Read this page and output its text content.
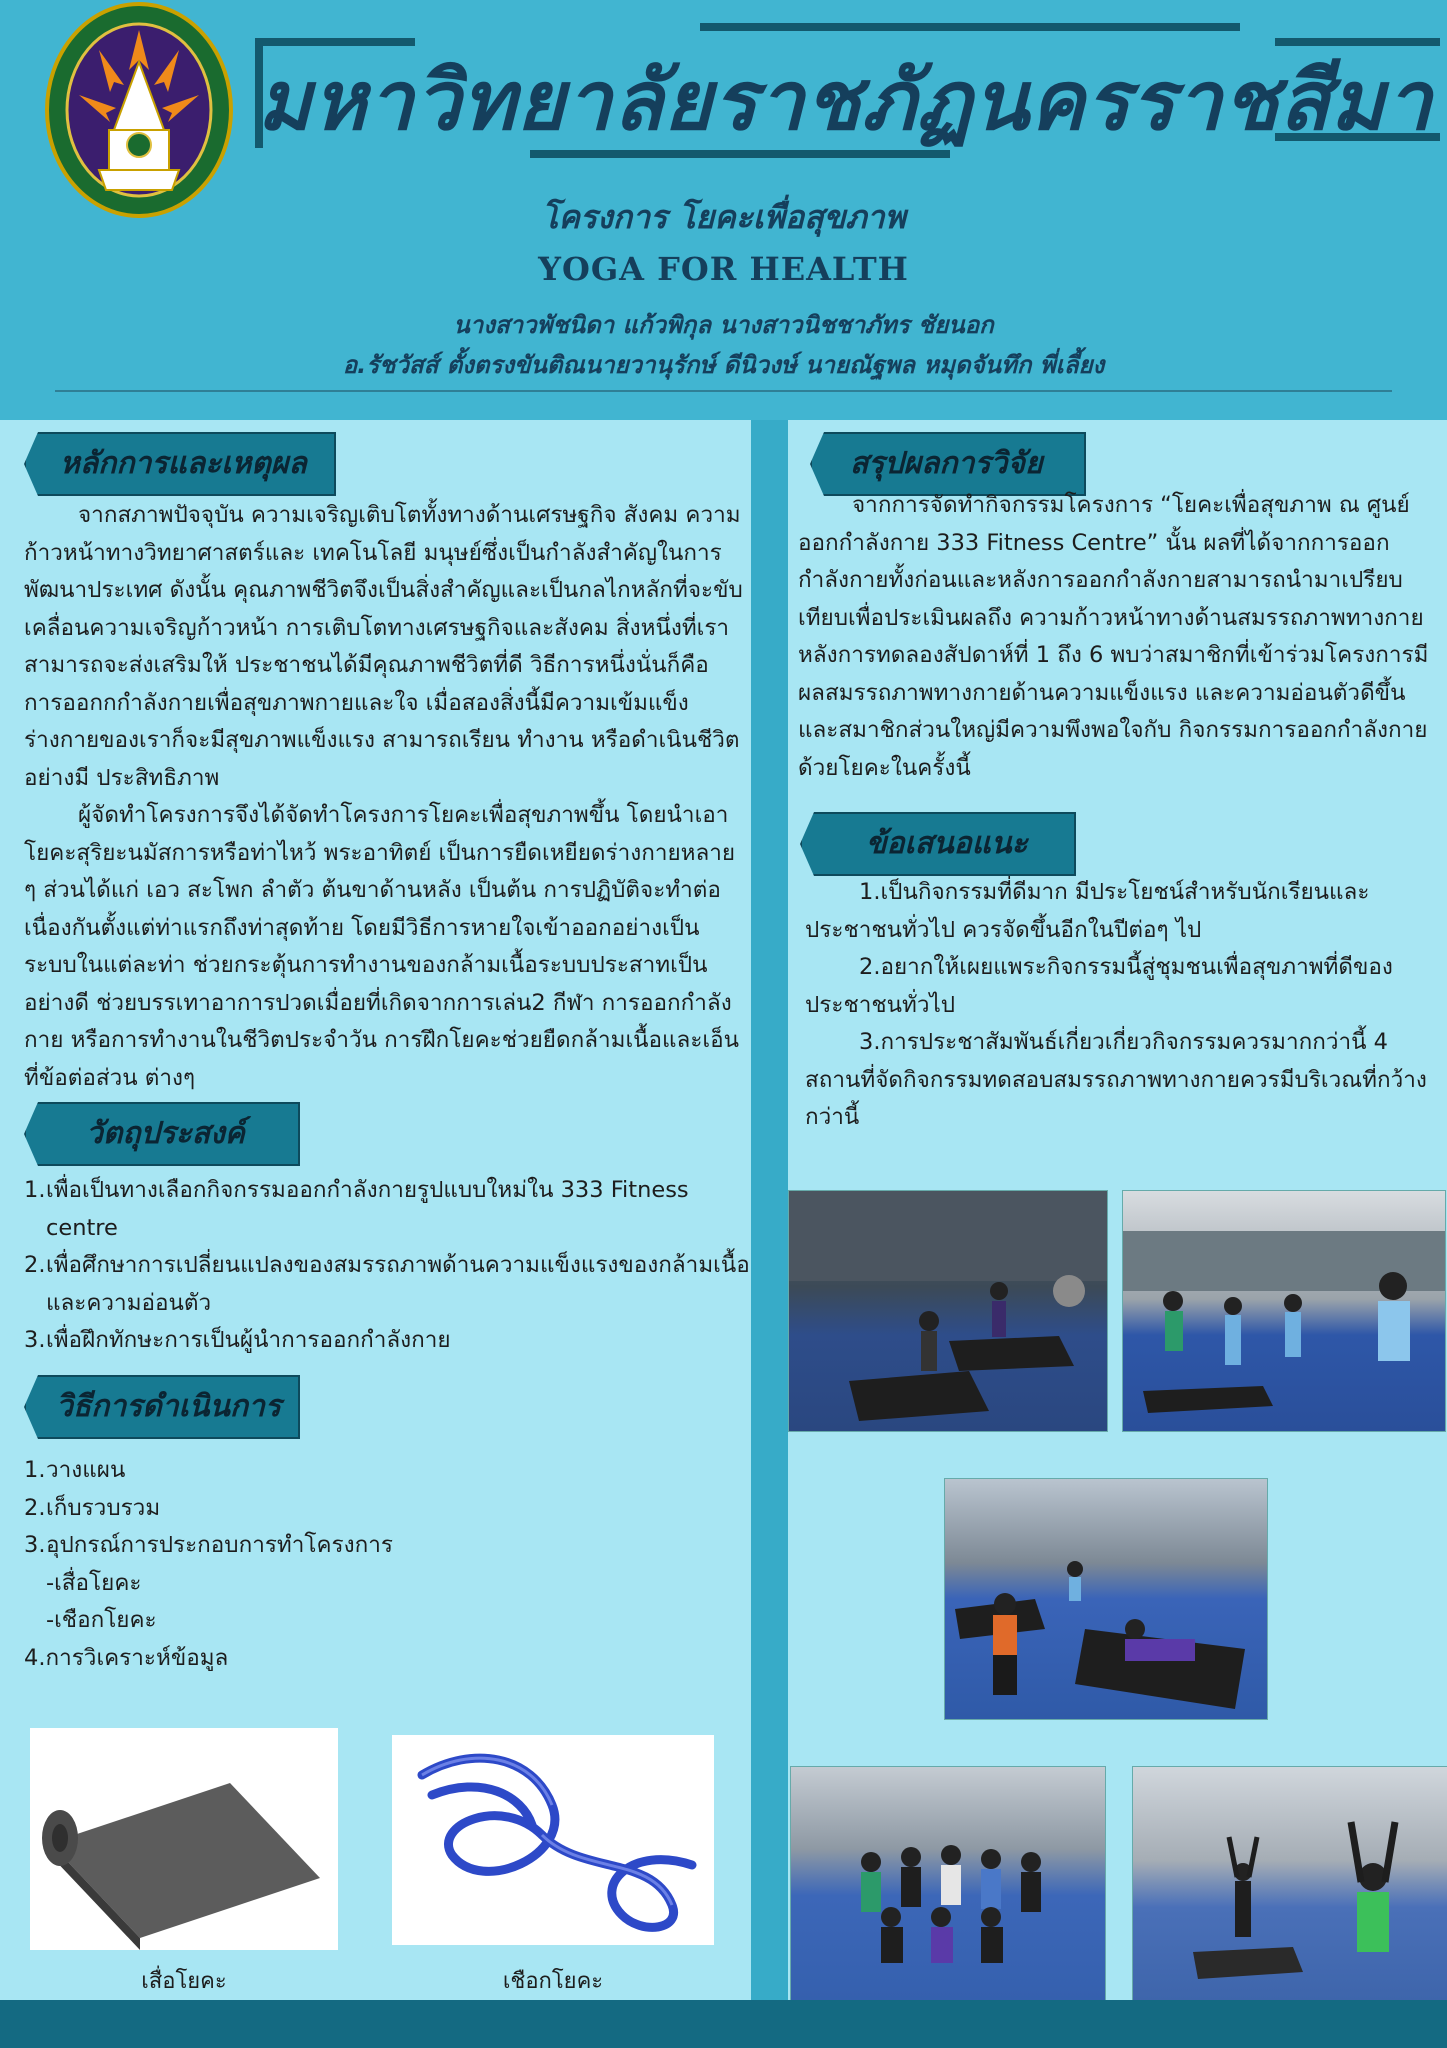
มหาวิทยาลัยราชภัฏนครราชสีมา
โครงการ โยคะเพื่อสุขภาพ
YOGA FOR HEALTH
นางสาวพัชนิดา แก้วพิกุล นางสาวนิชชาภัทร ชัยนอก
อ.รัชวัสส์ ตั้งตรงขันติณนายวานุรักษ์ ดีนิวงษ์ นายณัฐพล หมุดจันทึก พี่เลี้ยง
หลักการและเหตุผล

จากสภาพปัจจุบัน ความเจริญเติบโตทั้งทางด้านเศรษฐกิจ สังคม ความก้าวหน้าทางวิทยาศาสตร์และ เทคโนโลยี มนุษย์ซึ่งเป็นกำลังสำคัญในการพัฒนาประเทศ ดังนั้น คุณภาพชีวิตจึงเป็นสิ่งสำคัญและเป็นกลไกหลักที่จะขับเคลื่อนความเจริญก้าวหน้า การเติบโตทางเศรษฐกิจและสังคม สิ่งหนึ่งที่เราสามารถจะส่งเสริมให้ ประชาชนได้มีคุณภาพชีวิตที่ดี วิธีการหนึ่งนั่นก็คือ การออกกกำลังกายเพื่อสุขภาพกายและใจ เมื่อสองสิ่งนี้มีความเข้มแข็ง ร่างกายของเราก็จะมีสุขภาพแข็งแรง สามารถเรียน ทำงาน หรือดำเนินชีวิต อย่างมี ประสิทธิภาพ

ผู้จัดทำโครงการจึงได้จัดทำโครงการโยคะเพื่อสุขภาพขึ้น โดยนำเอาโยคะสุริยะนมัสการหรือท่าไหว้ พระอาทิตย์ เป็นการยืดเหยียดร่างกายหลาย ๆ ส่วนได้แก่ เอว สะโพก ลำตัว ต้นขาด้านหลัง เป็นต้น การปฏิบัติจะทำต่อเนื่องกันตั้งแต่ท่าแรกถึงท่าสุดท้าย โดยมีวิธีการหายใจเข้าออกอย่างเป็นระบบในแต่ละท่า ช่วยกระตุ้นการทำงานของกล้ามเนื้อระบบประสาทเป็นอย่างดี ช่วยบรรเทาอาการปวดเมื่อยที่เกิดจากการเล่น2 กีฬา การออกกำลังกาย หรือการทำงานในชีวิตประจำวัน การฝึกโยคะช่วยยืดกล้ามเนื้อและเอ็นที่ข้อต่อส่วน ต่างๆ

วัตถุประสงค์
1. เพื่อเป็นทางเลือกกิจกรรมออกกำลังกายรูปแบบใหม่ใน 333 Fitness centre
2. เพื่อศึกษาการเปลี่ยนแปลงของสมรรถภาพด้านความแข็งแรงของกล้ามเนื้อ และความอ่อนตัว
3. เพื่อฝึกทักษะการเป็นผู้นำการออกกำลังกาย
วิธีการดำเนินการ
1. วางแผน
2. เก็บรวบรวม
3. อุปกรณ์การประกอบการทำโครงการ
-เสื่อโยคะ
-เชือกโยคะ
4.การวิเคราะห์ข้อมูล
เสื่อโยคะ	เชือกโยคะ
สรุปผลการวิจัย

จากการจัดทำกิจกรรมโครงการ “โยคะเพื่อสุขภาพ ณ ศูนย์ออกกำลังกาย 333 Fitness Centre” นั้น ผลที่ได้จากการออกกำลังกายทั้งก่อนและหลังการออกกำลังกายสามารถนำมาเปรียบเทียบเพื่อประเมินผลถึง ความก้าวหน้าทางด้านสมรรถภาพทางกาย หลังการทดลองสัปดาห์ที่ 1 ถึง 6 พบว่าสมาชิกที่เข้าร่วมโครงการมี ผลสมรรถภาพทางกายด้านความแข็งแรง และความอ่อนตัวดีขึ้น และสมาชิกส่วนใหญ่มีความพึงพอใจกับ กิจกรรมการออกกำลังกายด้วยโยคะในครั้งนี้

ข้อเสนอแนะ

1.เป็นกิจกรรมที่ดีมาก มีประโยชน์สำหรับนักเรียนและประชาชนทั่วไป ควรจัดขึ้นอีกในปีต่อๆ ไป

2.อยากให้เผยแพระกิจกรรมนี้สู่ชุมชนเพื่อสุขภาพที่ดีของประชาชนทั่วไป

3.การประชาสัมพันธ์เกี่ยวเกี่ยวกิจกรรมควรมากกว่านี้ 4 สถานที่จัดกิจกรรมทดสอบสมรรถภาพทางกายควรมีบริเวณที่กว้างกว่านี้
